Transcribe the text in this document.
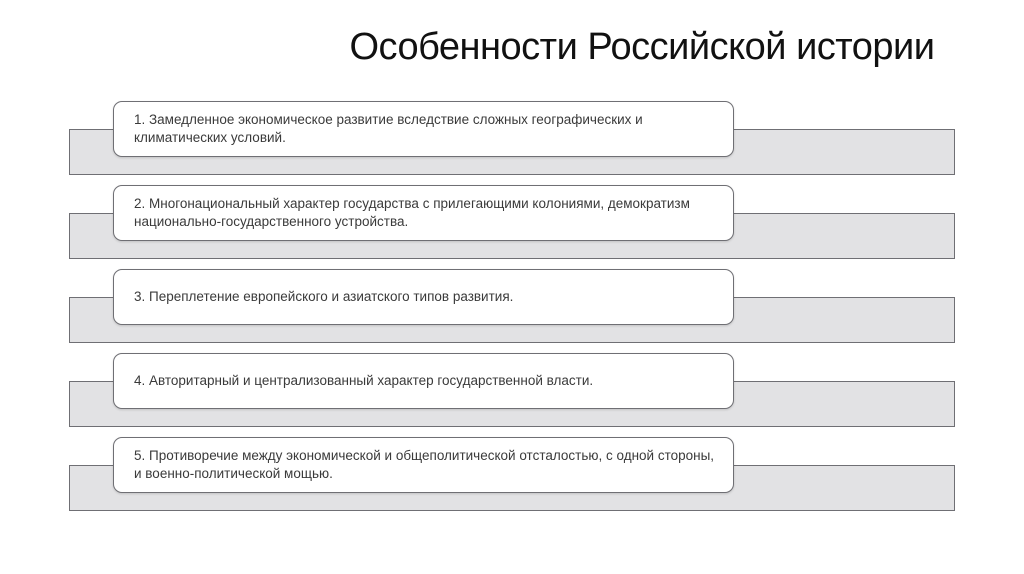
Особенности Российской истории
1. Замедленное экономическое развитие вследствие сложных географических и климатических условий.
2. Многонациональный характер государства с прилегающими колониями, демократизм национально-государственного устройства.
3. Переплетение европейского и азиатского типов развития.
4. Авторитарный и централизованный характер государственной власти.
5. Противоречие между экономической и общеполитической отсталостью, с одной стороны, и военно-политической мощью.
